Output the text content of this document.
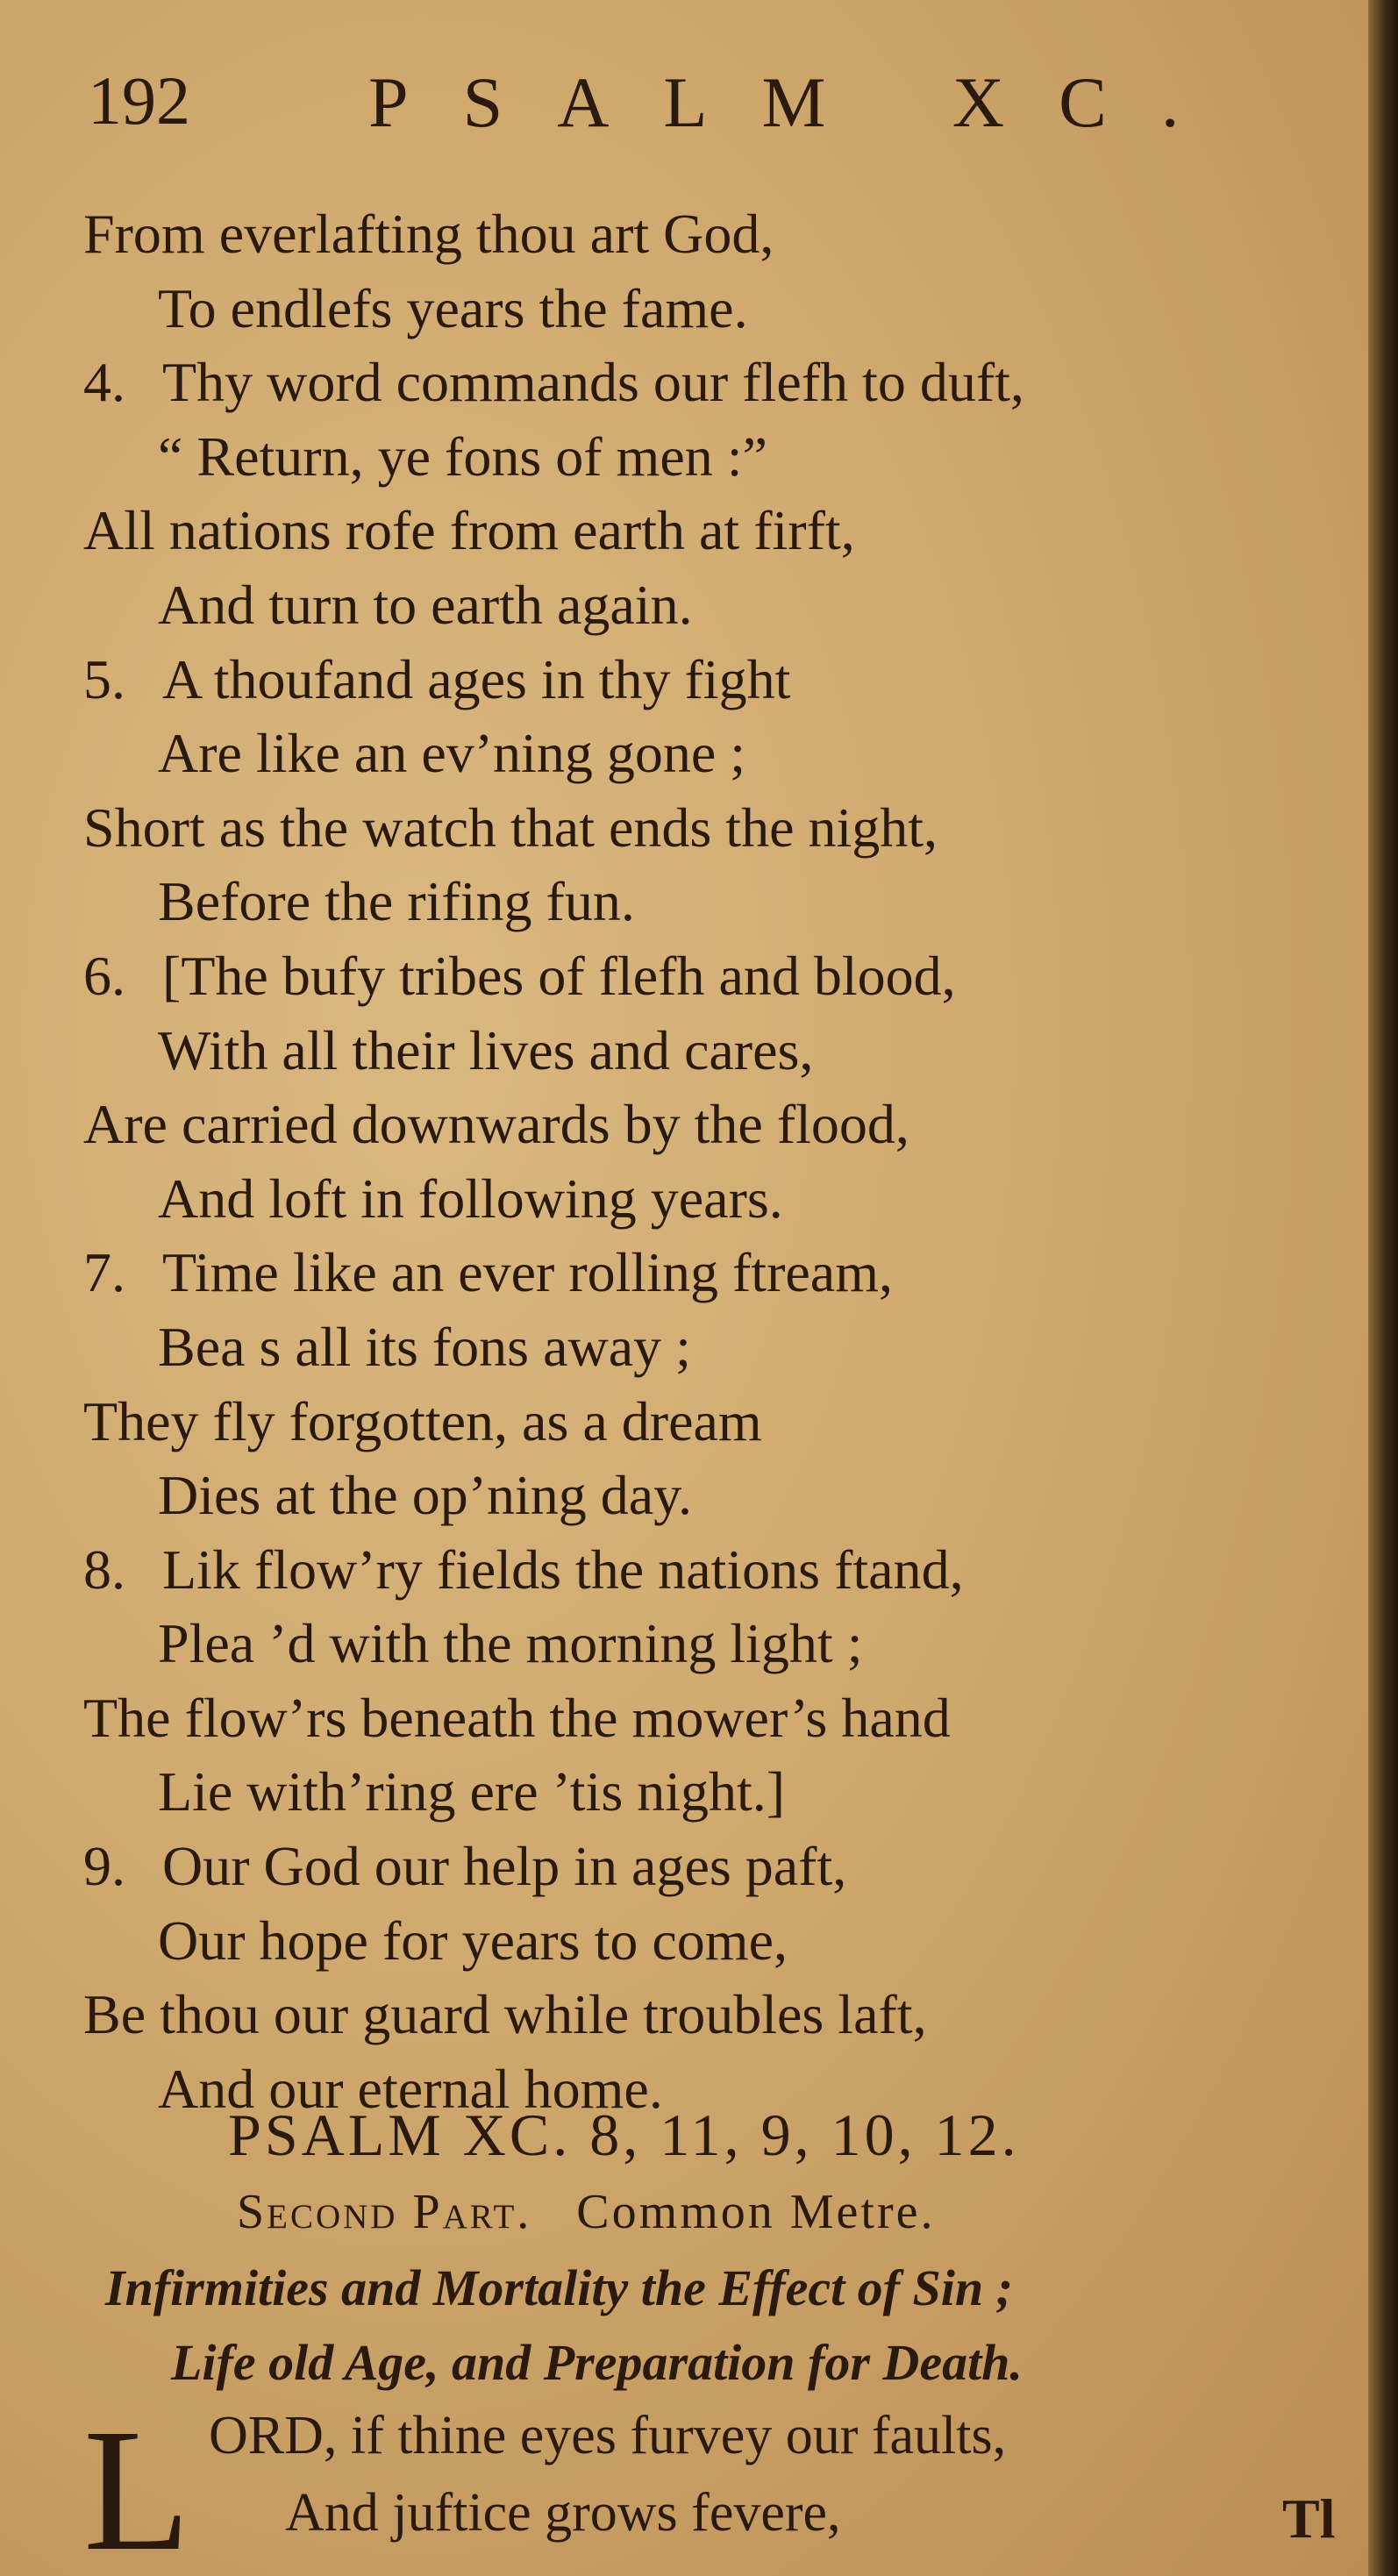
192 PSALM XC.
From everlafting thou art God,
To endlefs years the fame.
4. Thy word commands our flefh to duft,
“ Return, ye fons of men :”
All nations rofe from earth at firft,
And turn to earth again.
5. A thoufand ages in thy fight
Are like an ev’ning gone ;
Short as the watch that ends the night,
Before the rifing fun.
6. [The bufy tribes of flefh and blood,
With all their lives and cares,
Are carried downwards by the flood,
And loft in following years.
7. Time like an ever rolling ftream,
Bea s all its fons away ;
They fly forgotten, as a dream
Dies at the op’ning day.
8. Lik flow’ry fields the nations ftand,
Plea ’d with the morning light ;
The flow’rs beneath the mower’s hand
Lie with’ring ere ’tis night.]
9. Our God our help in ages paft,
Our hope for years to come,
Be thou our guard while troubles laft,
And our eternal home.
PSALM XC. 8, 11, 9, 10, 12.
Second Part. Common Metre.
Infirmities and Mortality the Effect of Sin ;
Life old Age, and Preparation for Death.
L ORD, if thine eyes furvey our faults,
And juftice grows fevere,	Tl
